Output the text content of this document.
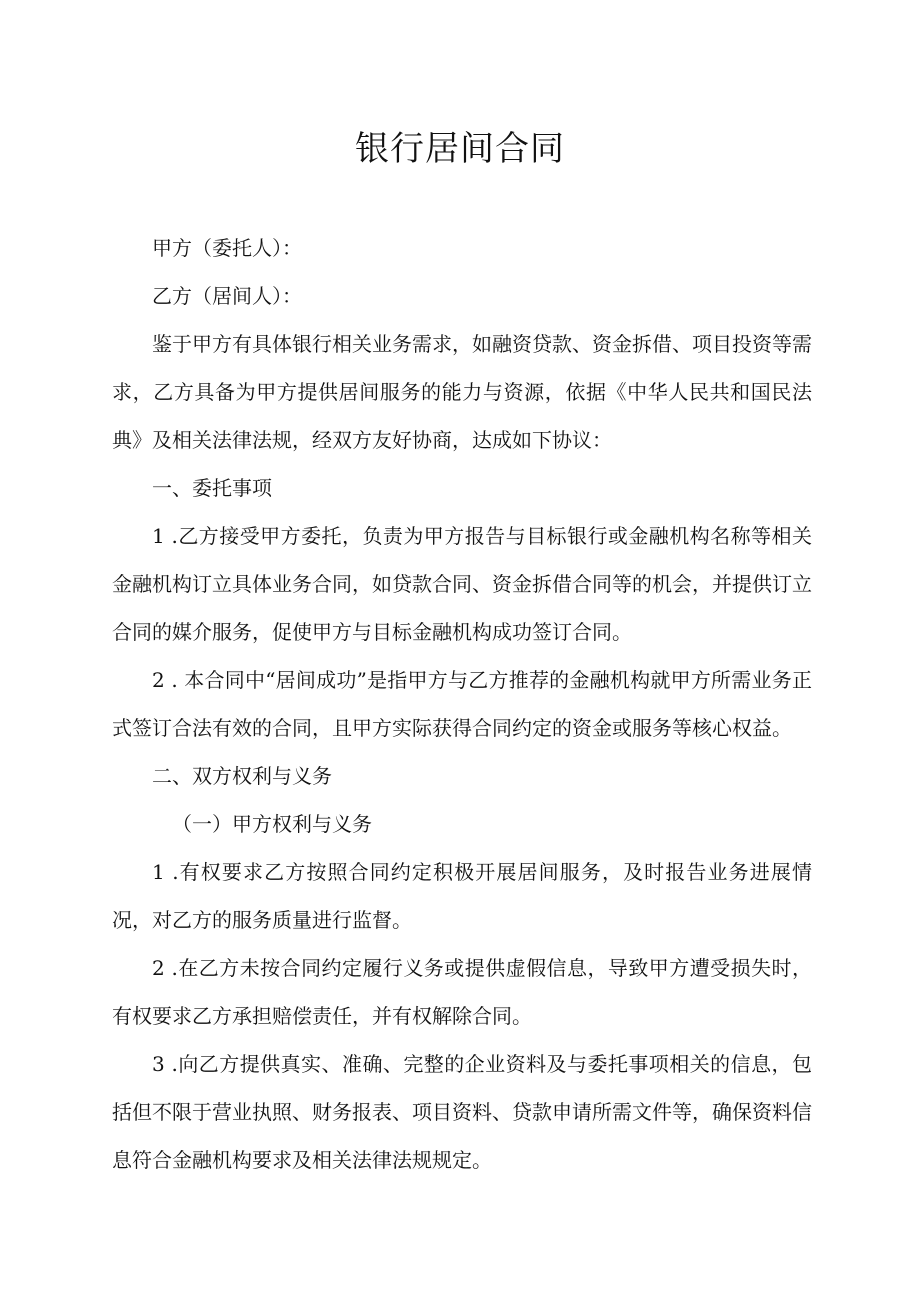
银行居间合同

甲方（委托人）：

乙方（居间人）：

鉴于甲方有具体银行相关业务需求，如融资贷款、资金拆借、项目投资等需求，乙方具备为甲方提供居间服务的能力与资源，依据《中华人民共和国民法典》及相关法律法规，经双方友好协商，达成如下协议：

一、委托事项

1 .乙方接受甲方委托，负责为甲方报告与目标银行或金融机构名称等相关金融机构订立具体业务合同，如贷款合同、资金拆借合同等的机会，并提供订立合同的媒介服务，促使甲方与目标金融机构成功签订合同。

2 . 本合同中“居间成功”是指甲方与乙方推荐的金融机构就甲方所需业务正式签订合法有效的合同，且甲方实际获得合同约定的资金或服务等核心权益。

二、双方权利与义务

（一）甲方权利与义务

1 .有权要求乙方按照合同约定积极开展居间服务，及时报告业务进展情况，对乙方的服务质量进行监督。

2 .在乙方未按合同约定履行义务或提供虚假信息，导致甲方遭受损失时，有权要求乙方承担赔偿责任，并有权解除合同。

3 .向乙方提供真实、准确、完整的企业资料及与委托事项相关的信息，包括但不限于营业执照、财务报表、项目资料、贷款申请所需文件等，确保资料信息符合金融机构要求及相关法律法规规定。
